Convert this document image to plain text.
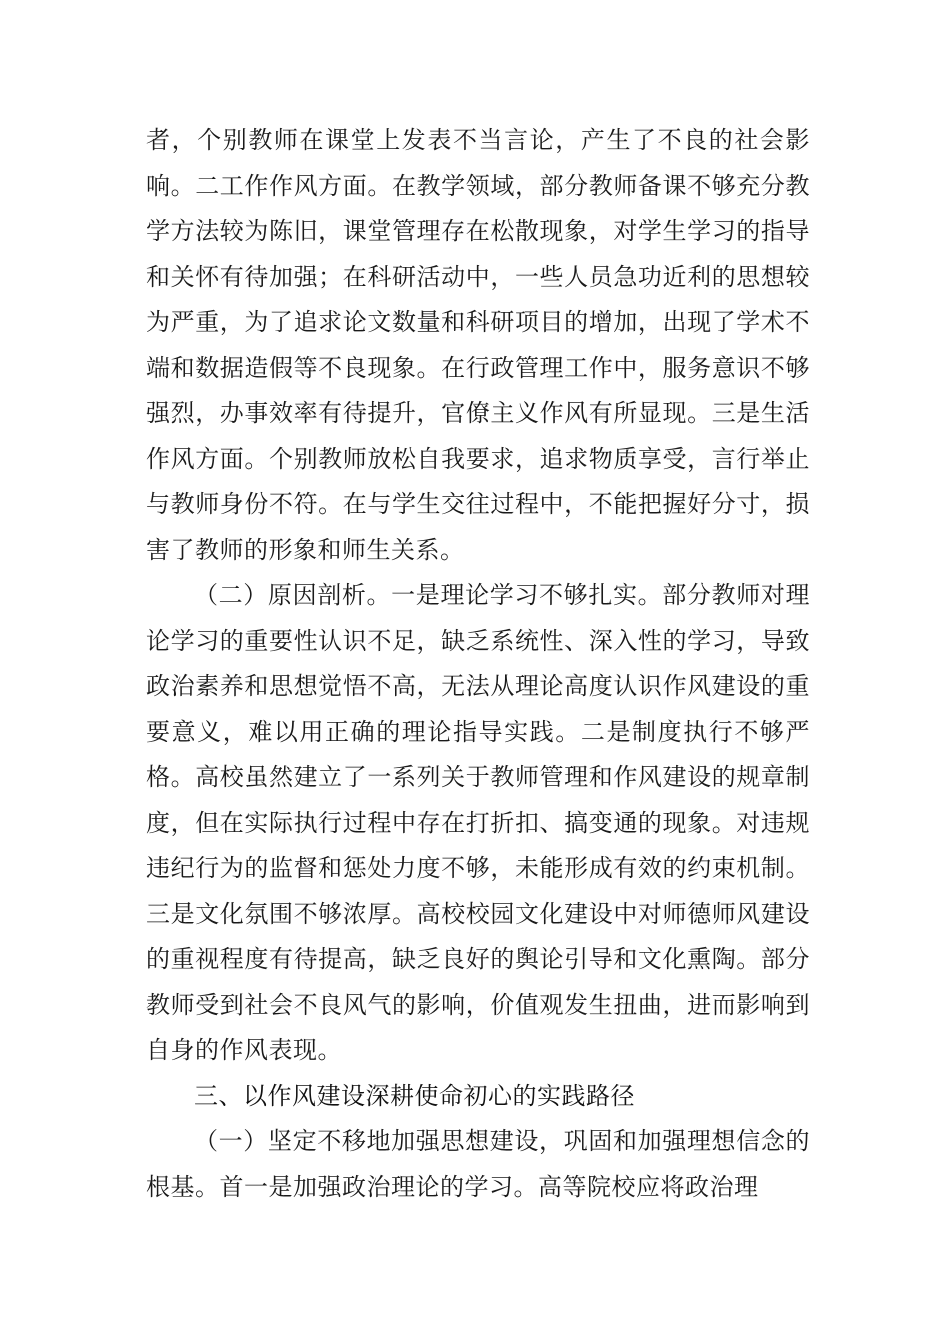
者，个别教师在课堂上发表不当言论，产生了不良的社会影响。二工作作风方面。在教学领域，部分教师备课不够充分教学方法较为陈旧，课堂管理存在松散现象，对学生学习的指导和关怀有待加强；在科研活动中，一些人员急功近利的思想较为严重，为了追求论文数量和科研项目的增加，出现了学术不端和数据造假等不良现象。在行政管理工作中，服务意识不够强烈，办事效率有待提升，官僚主义作风有所显现。三是生活作风方面。个别教师放松自我要求，追求物质享受，言行举止与教师身份不符。在与学生交往过程中，不能把握好分寸，损害了教师的形象和师生关系。

（二）原因剖析。一是理论学习不够扎实。部分教师对理论学习的重要性认识不足，缺乏系统性、深入性的学习，导致政治素养和思想觉悟不高，无法从理论高度认识作风建设的重要意义，难以用正确的理论指导实践。二是制度执行不够严格。高校虽然建立了一系列关于教师管理和作风建设的规章制度，但在实际执行过程中存在打折扣、搞变通的现象。对违规违纪行为的监督和惩处力度不够，未能形成有效的约束机制。三是文化氛围不够浓厚。高校校园文化建设中对师德师风建设的重视程度有待提高，缺乏良好的舆论引导和文化熏陶。部分教师受到社会不良风气的影响，价值观发生扭曲，进而影响到自身的作风表现。

三、以作风建设深耕使命初心的实践路径

（一）坚定不移地加强思想建设，巩固和加强理想信念的根基。首一是加强政治理论的学习。高等院校应将政治理
